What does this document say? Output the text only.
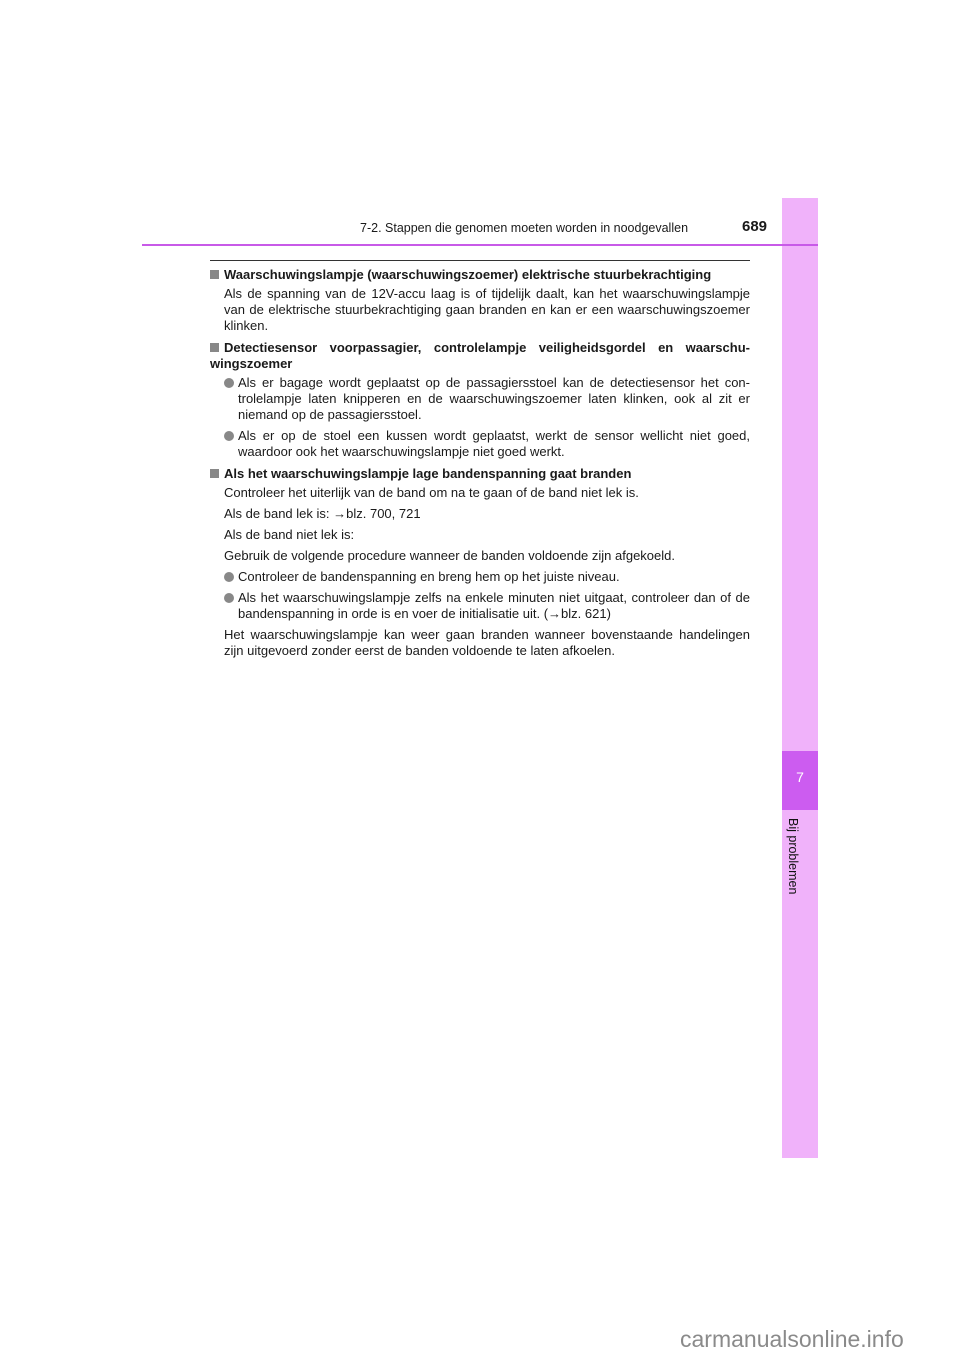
7
Bij problemen
7-2. Stappen die genomen moeten worden in noodgevallen	689
Waarschuwingslampje (waarschuwingszoemer) elektrische stuurbekrachtiging
Als de spanning van de 12V-accu laag is of tijdelijk daalt, kan het waarschuwingslampje van de elektrische stuurbekrachtiging gaan branden en kan er een waarschuwingszoemer klinken.
Detectiesensor voorpassagier, controlelampje veiligheidsgordel en waarschuwingszoemer
Als er bagage wordt geplaatst op de passagiersstoel kan de detectiesensor het controlelampje laten knipperen en de waarschuwingszoemer laten klinken, ook al zit er niemand op de passagiersstoel.
Als er op de stoel een kussen wordt geplaatst, werkt de sensor wellicht niet goed, waardoor ook het waarschuwingslampje niet goed werkt.
Als het waarschuwingslampje lage bandenspanning gaat branden
Controleer het uiterlijk van de band om na te gaan of de band niet lek is.
Als de band lek is: →blz. 700, 721
Als de band niet lek is:
Gebruik de volgende procedure wanneer de banden voldoende zijn afgekoeld.
Controleer de bandenspanning en breng hem op het juiste niveau.
Als het waarschuwingslampje zelfs na enkele minuten niet uitgaat, controleer dan of de bandenspanning in orde is en voer de initialisatie uit. (→blz. 621)
Het waarschuwingslampje kan weer gaan branden wanneer bovenstaande handelingen zijn uitgevoerd zonder eerst de banden voldoende te laten afkoelen.
carmanualsonline.info
